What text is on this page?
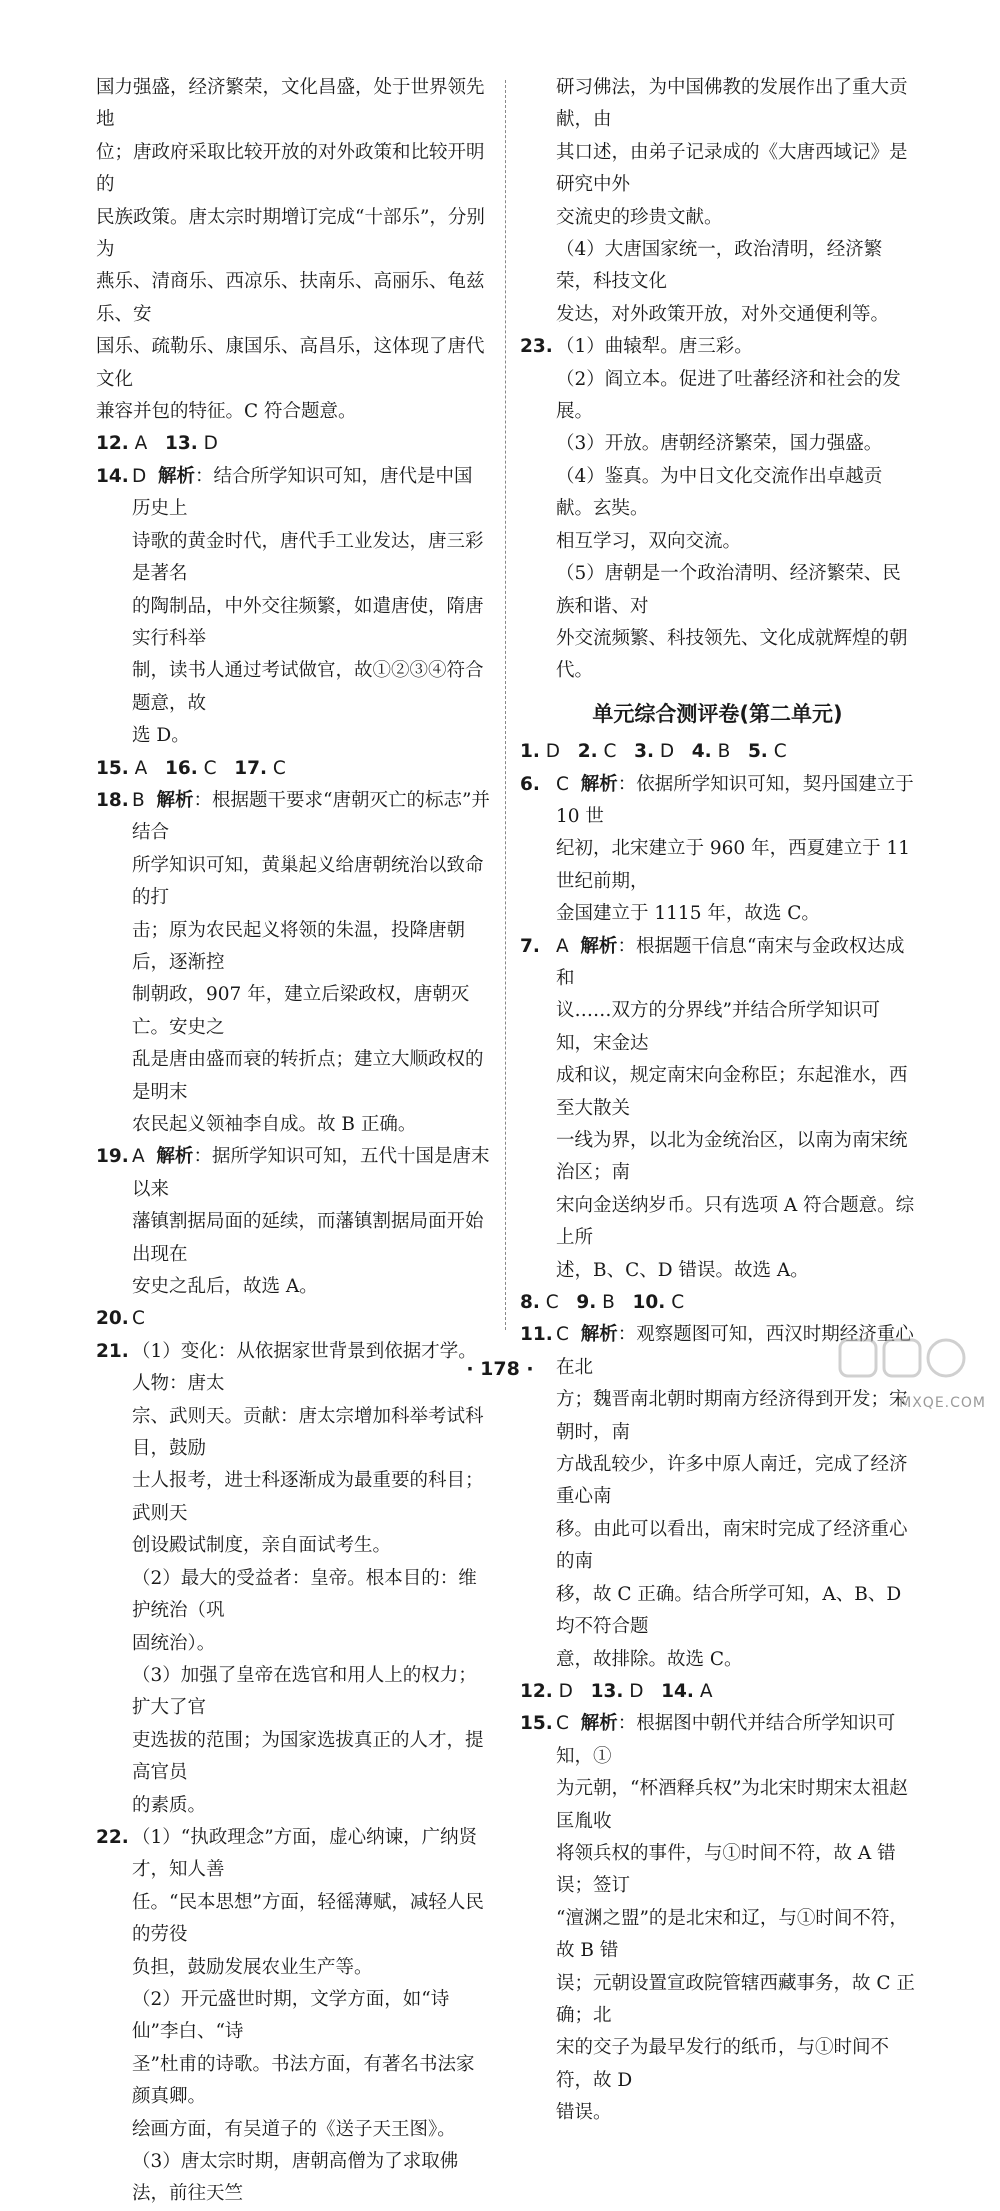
国力强盛，经济繁荣，文化昌盛，处于世界领先地

位；唐政府采取比较开放的对外政策和比较开明的

民族政策。唐太宗时期增订完成“十部乐”，分别为

燕乐、清商乐、西凉乐、扶南乐、高丽乐、龟兹乐、安

国乐、疏勒乐、康国乐、高昌乐，这体现了唐代文化

兼容并包的特征。C 符合题意。

12. A 13. D

14. D 解析：结合所学知识可知，唐代是中国历史上

诗歌的黄金时代，唐代手工业发达，唐三彩是著名

的陶制品，中外交往频繁，如遣唐使，隋唐实行科举

制，读书人通过考试做官，故①②③④符合题意，故

选 D。

15. A 16. C 17. C

18. B 解析：根据题干要求“唐朝灭亡的标志”并结合

所学知识可知，黄巢起义给唐朝统治以致命的打

击；原为农民起义将领的朱温，投降唐朝后，逐渐控

制朝政，907 年，建立后梁政权，唐朝灭亡。安史之

乱是唐由盛而衰的转折点；建立大顺政权的是明末

农民起义领袖李自成。故 B 正确。

19. A 解析：据所学知识可知，五代十国是唐末以来

藩镇割据局面的延续，而藩镇割据局面开始出现在

安史之乱后，故选 A。

20. C

21. （1）变化：从依据家世背景到依据才学。人物：唐太

宗、武则天。贡献：唐太宗增加科举考试科目，鼓励

士人报考，进士科逐渐成为最重要的科目；武则天

创设殿试制度，亲自面试考生。

（2）最大的受益者：皇帝。根本目的：维护统治（巩

固统治）。

（3）加强了皇帝在选官和用人上的权力；扩大了官

吏选拔的范围；为国家选拔真正的人才，提高官员

的素质。

22. （1）“执政理念”方面，虚心纳谏，广纳贤才，知人善

任。“民本思想”方面，轻徭薄赋，减轻人民的劳役

负担，鼓励发展农业生产等。

（2）开元盛世时期，文学方面，如“诗仙”李白、“诗

圣”杜甫的诗歌。书法方面，有著名书法家颜真卿。

绘画方面，有吴道子的《送子天王图》。

（3）唐太宗时期，唐朝高僧为了求取佛法，前往天竺

研习佛法，为中国佛教的发展作出了重大贡献，由

其口述，由弟子记录成的《大唐西域记》是研究中外

交流史的珍贵文献。

（4）大唐国家统一，政治清明，经济繁荣，科技文化

发达，对外政策开放，对外交通便利等。

23. （1）曲辕犁。唐三彩。

（2）阎立本。促进了吐蕃经济和社会的发展。

（3）开放。唐朝经济繁荣，国力强盛。

（4）鉴真。为中日文化交流作出卓越贡献。玄奘。

相互学习，双向交流。

（5）唐朝是一个政治清明、经济繁荣、民族和谐、对

外交流频繁、科技领先、文化成就辉煌的朝代。

单元综合测评卷(第二单元)

1. D 2. C 3. D 4. B 5. C

6. C 解析：依据所学知识可知，契丹国建立于 10 世

纪初，北宋建立于 960 年，西夏建立于 11 世纪前期，

金国建立于 1115 年，故选 C。

7. A 解析：根据题干信息“南宋与金政权达成和

议……双方的分界线”并结合所学知识可知，宋金达

成和议，规定南宋向金称臣；东起淮水，西至大散关

一线为界，以北为金统治区，以南为南宋统治区；南

宋向金送纳岁币。只有选项 A 符合题意。综上所

述，B、C、D 错误。故选 A。

8. C 9. B 10. C

11. C 解析：观察题图可知，西汉时期经济重心在北

方；魏晋南北朝时期南方经济得到开发；宋朝时，南

方战乱较少，许多中原人南迁，完成了经济重心南

移。由此可以看出，南宋时完成了经济重心的南

移，故 C 正确。结合所学可知，A、B、D 均不符合题

意，故排除。故选 C。

12. D 13. D 14. A

15. C 解析：根据图中朝代并结合所学知识可知，①

为元朝，“杯酒释兵权”为北宋时期宋太祖赵匡胤收

将领兵权的事件，与①时间不符，故 A 错误；签订

“澶渊之盟”的是北宋和辽，与①时间不符，故 B 错

误；元朝设置宣政院管辖西藏事务，故 C 正确；北

宋的交子为最早发行的纸币，与①时间不符，故 D

错误。

· 178 ·
MXQE.COM
